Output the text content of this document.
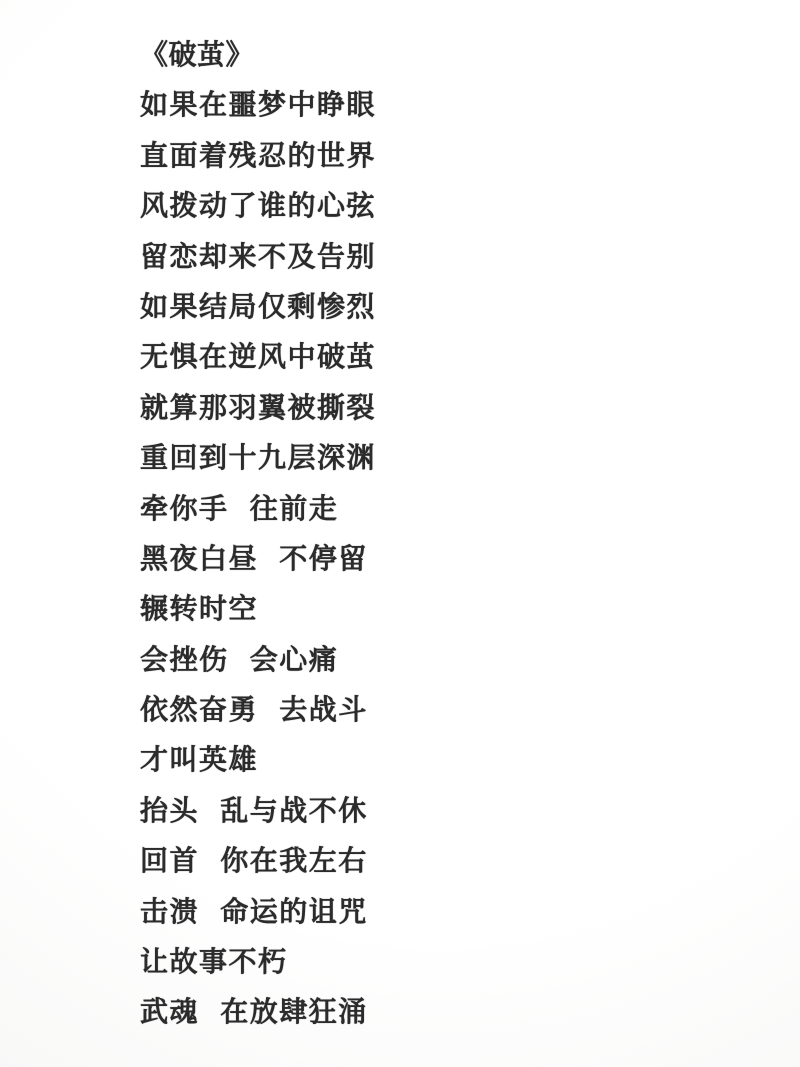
《破茧》
如果在噩梦中睁眼
直面着残忍的世界
风拨动了谁的心弦
留恋却来不及告别
如果结局仅剩惨烈
无惧在逆风中破茧
就算那羽翼被撕裂
重回到十九层深渊
牵你手 往前走
黑夜白昼 不停留
辗转时空
会挫伤 会心痛
依然奋勇 去战斗
才叫英雄
抬头 乱与战不休
回首 你在我左右
击溃 命运的诅咒
让故事不朽
武魂 在放肆狂涌
